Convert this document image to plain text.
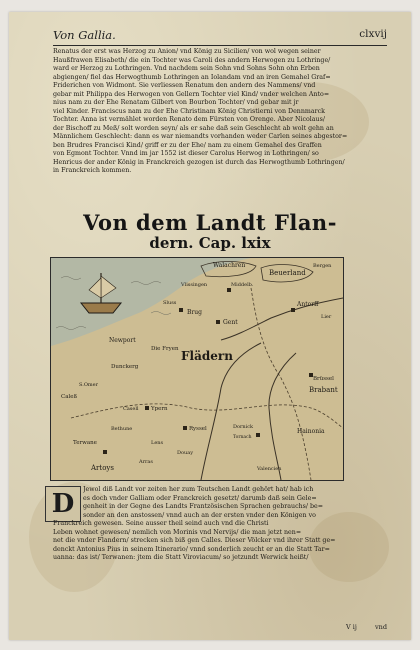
Von Gallia.	clxvij
Renatus der erst was Herzog zu Anion/ vnd König zu Sicilien/ von wol wegen seiner
Haußfrawen Elisabeth/ die ein Tochter was Caroli des andern Herwogen zu Lothringe/
ward er Herzog zu Lothringen. Vnd nachdem sein Sohn vnd Sohns Sohn ohn Erben
abgiengen/ fiel das Herwogthumb Lothringen an Iolandam vnd an iren Gemahel Graf=
Friderichen von Widmont. Sie verliessen Renatum den andern des Nammens/ vnd
gebar mit Philippa des Herwogen von Gellern Tochter viel Kind/ vnder welchen Anto=
nius nam zu der Ehe Renatam Gilbert von Bourbon Tochter/ vnd gebar mit jr
viel Kinder. Franciscus nam zu der Ehe Christinam König Christierni von Dennmarck
Tochter. Anna ist vermählet worden Renato dem Fürsten von Orenge. Aber Nicolaus/
der Bischoff zu Meß/ solt worden seyn/ als er sahe daß sein Geschlecht ab wolt gehn an
Männlichem Geschlecht: dann es war niemandts vorhanden weder Carlen seines abgestor=
ben Brudres Francisci Kind/ griff er zu der Ehe/ nam zu einem Gemahel des Graffen
von Egmont Tochter. Vnnd im jar 1552 ist dieser Carolus Herwog in Lothringen/ so
Henricus der ander König in Franckreich gezogen ist durch das Herwogthumb Lothringen/
in Franckreich kommen.
Von dem Landt Flan-
dern. Cap. lxix
Walachren
Beuerland
Bergen
Vlissingen	Middelb.
Antorff
Lier
Sluss
Brug
Gent
Newport
Die Fryen Flädern
Dunckerg
Brüssel
Brabant
S.Omer
Caleß
Casell Ypern
Ryssel	Dornick
Tornach
Hainonia
Bethune
Terwane	Lens
Douay
Arras
Artoys	Valencien
D	Jewol diß Landt vor zeiten her zum Teutschen Landt gehört hat/ hab ich
es doch vnder Galliam oder Franckreich gesetzt/ darumb daß sein Gele=
genheit in der Gegne des Landts Frantzösischen Sprachen gebrauchs/ be=
sonder an den anstossen/ vnnd auch an der ersten vnder den Königen vo
Franckreich gewesen. Seine ausser theil seind auch vnd die Christi
Leben wohnet gewesen/ nemlich von Morinis vnd Nervijs/ die man jetzt nen=
net die vnder Flandern/ strecken sich biß gen Calles. Dieser Völcker vnd ihrer Statt ge=
denckt Antonius Pius in seinem Itinerario/ vnnd sonderlich zeucht er an die Statt Tar=
uanna: das ist/ Terwanen: jtem die Statt Viroviacum/ so jetzundt Werwick heißt/
V ij	vnd
